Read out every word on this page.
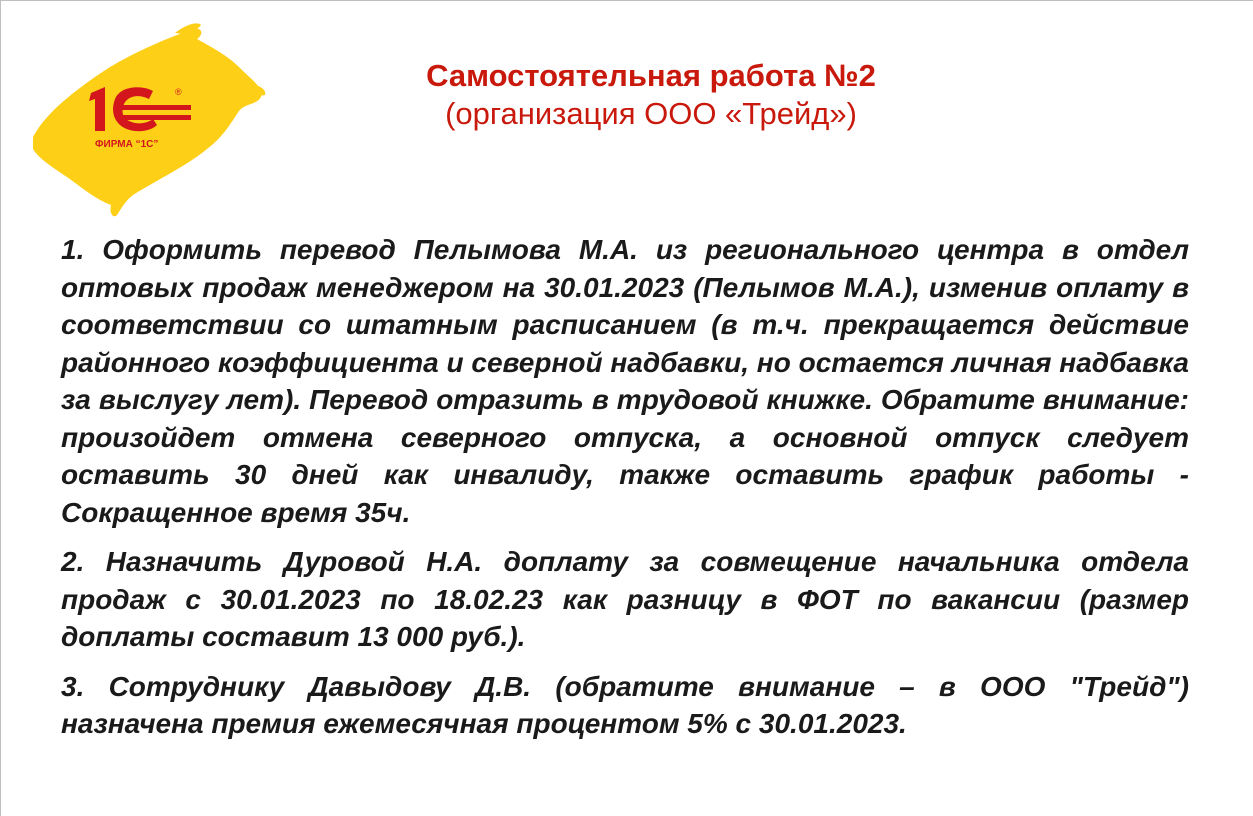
®
ФИРМА “1С”
Самостоятельная работа №2
(организация ООО «Трейд»)

1. Оформить перевод Пелымова М.А. из регионального центра в отдел оптовых продаж менеджером на 30.01.2023 (Пелымов М.А.), изменив оплату в соответствии со штатным расписанием (в т.ч. прекращается действие районного коэффициента и северной надбавки, но остается личная надбавка за выслугу лет). Перевод отразить в трудовой книжке. Обратите внимание: произойдет отмена северного отпуска, а основной отпуск следует оставить 30 дней как инвалиду, также оставить график работы - Сокращенное время 35ч.

2. Назначить Дуровой Н.А. доплату за совмещение начальника отдела продаж с 30.01.2023 по 18.02.23 как разницу в ФОТ по вакансии (размер доплаты составит 13 000 руб.).

3. Сотруднику Давыдову Д.В. (обратите внимание – в ООО "Трейд") назначена премия ежемесячная процентом 5% с 30.01.2023.
